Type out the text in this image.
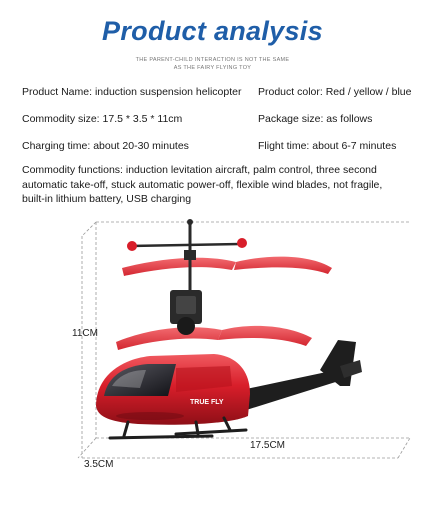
Product analysis
THE PARENT-CHILD INTERACTION IS NOT THE SAME
AS THE FAIRY FLYING TOY
Product Name: induction suspension helicopter Product color: Red / yellow / blue
Commodity size: 17.5 * 3.5 * 11cm	Package size: as follows
Charging time: about 20-30 minutes	Flight time: about 6-7 minutes
Commodity functions: induction levitation aircraft, palm control, three second automatic take-off, stuck automatic power-off, flexible wind blades, not fragile, built-in lithium battery, USB charging
TRUE FLY
11CM
17.5CM
3.5CM
